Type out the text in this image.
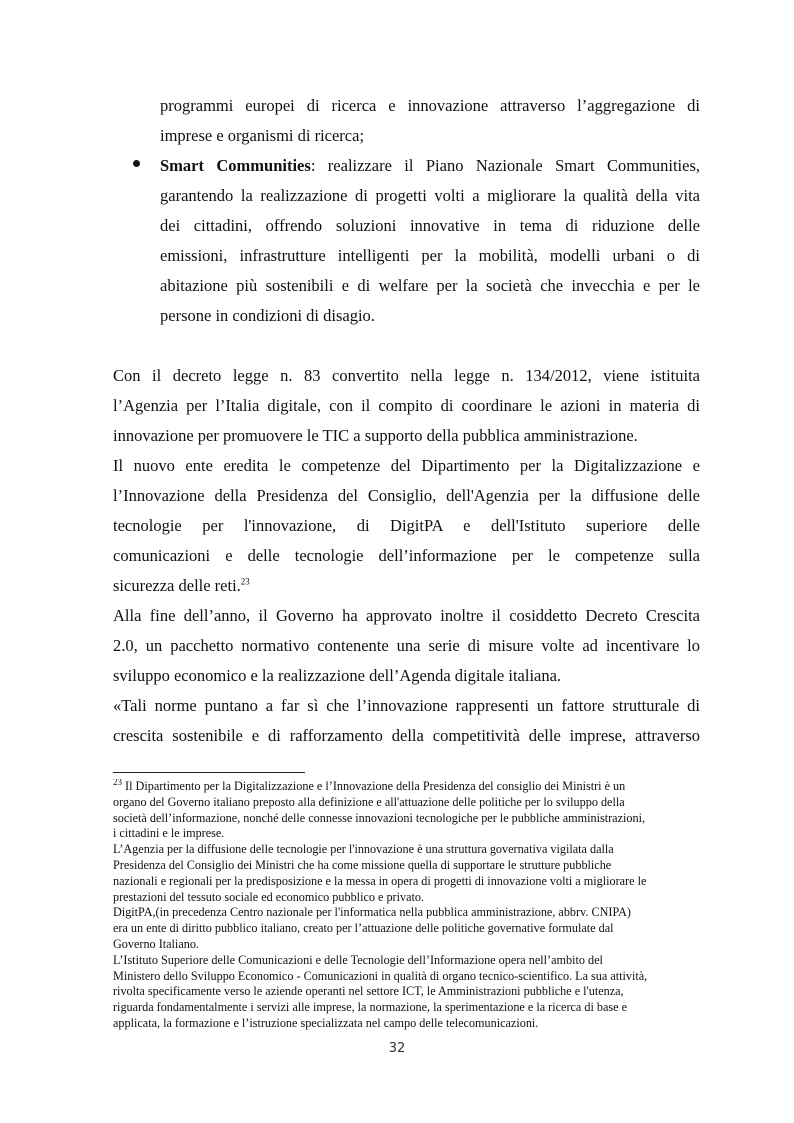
programmi europei di ricerca e innovazione attraverso l’aggregazione di
imprese e organismi di ricerca;
Smart Communities: realizzare il Piano Nazionale Smart Communities,
garantendo la realizzazione di progetti volti a migliorare la qualità della vita
dei cittadini, offrendo soluzioni innovative in tema di riduzione delle
emissioni, infrastrutture intelligenti per la mobilità, modelli urbani o di
abitazione più sostenibili e di welfare per la società che invecchia e per le
persone in condizioni di disagio.
Con il decreto legge n. 83 convertito nella legge n. 134/2012, viene istituita
l’Agenzia per l’Italia digitale, con il compito di coordinare le azioni in materia di
innovazione per promuovere le TIC a supporto della pubblica amministrazione.
Il nuovo ente eredita le competenze del Dipartimento per la Digitalizzazione e
l’Innovazione della Presidenza del Consiglio, dell'Agenzia per la diffusione delle
tecnologie per l'innovazione, di DigitPA e dell'Istituto superiore delle
comunicazioni e delle tecnologie dell’informazione per le competenze sulla
sicurezza delle reti.$^{23}$
Alla fine dell’anno, il Governo ha approvato inoltre il cosiddetto Decreto Crescita
2.0, un pacchetto normativo contenente una serie di misure volte ad incentivare lo
sviluppo economico e la realizzazione dell’Agenda digitale italiana.
«Tali norme puntano a far sì che l’innovazione rappresenti un fattore strutturale di
crescita sostenibile e di rafforzamento della competitività delle imprese, attraverso
$^{23}$ Il Dipartimento per la Digitalizzazione e l’Innovazione della Presidenza del consiglio dei Ministri è un
organo del Governo italiano preposto alla definizione e all'attuazione delle politiche per lo sviluppo della
società dell’informazione, nonché delle connesse innovazioni tecnologiche per le pubbliche amministrazioni,
i cittadini e le imprese.
L’Agenzia per la diffusione delle tecnologie per l'innovazione è una struttura governativa vigilata dalla
Presidenza del Consiglio dei Ministri che ha come missione quella di supportare le strutture pubbliche
nazionali e regionali per la predisposizione e la messa in opera di progetti di innovazione volti a migliorare le
prestazioni del tessuto sociale ed economico pubblico e privato.
DigitPA,(in precedenza Centro nazionale per l'informatica nella pubblica amministrazione, abbrv. CNIPA)
era un ente di diritto pubblico italiano, creato per l’attuazione delle politiche governative formulate dal
Governo Italiano.
L’Istituto Superiore delle Comunicazioni e delle Tecnologie dell’Informazione opera nell’ambito del
Ministero dello Sviluppo Economico - Comunicazioni in qualità di organo tecnico-scientifico. La sua attività,
rivolta specificamente verso le aziende operanti nel settore ICT, le Amministrazioni pubbliche e l'utenza,
riguarda fondamentalmente i servizi alle imprese, la normazione, la sperimentazione e la ricerca di base e
applicata, la formazione e l’istruzione specializzata nel campo delle telecomunicazioni.
32
